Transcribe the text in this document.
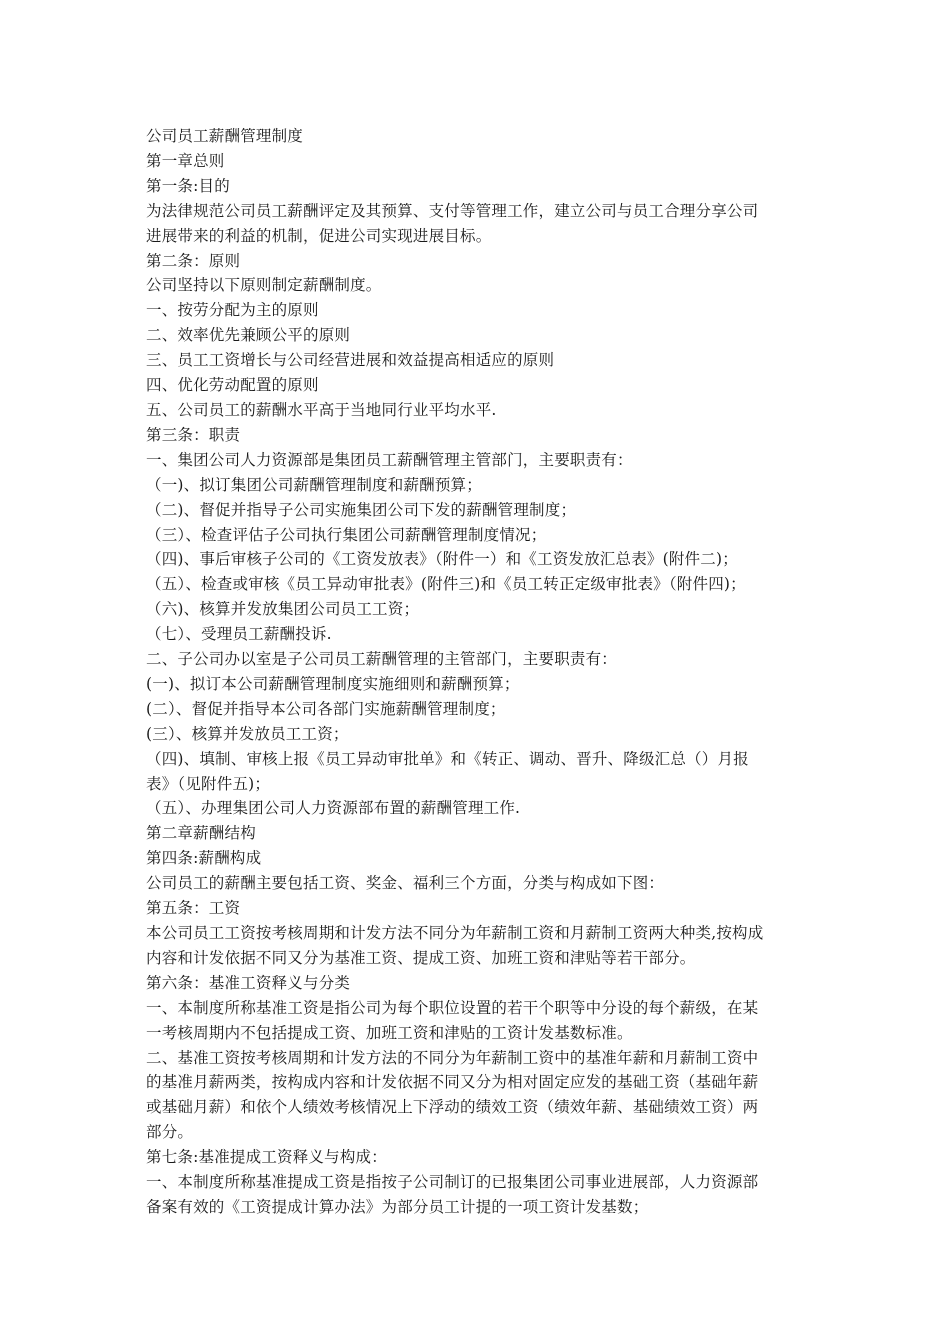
公司员工薪酬管理制度
第一章总则
第一条:目的
为法律规范公司员工薪酬评定及其预算、支付等管理工作，建立公司与员工合理分享公司
进展带来的利益的机制，促进公司实现进展目标。
第二条：原则
公司坚持以下原则制定薪酬制度。
一、按劳分配为主的原则
二、效率优先兼顾公平的原则
三、员工工资增长与公司经营进展和效益提高相适应的原则
四、优化劳动配置的原则
五、公司员工的薪酬水平高于当地同行业平均水平.
第三条：职责
一、集团公司人力资源部是集团员工薪酬管理主管部门，主要职责有：
（一)、拟订集团公司薪酬管理制度和薪酬预算；
（二)、督促并指导子公司实施集团公司下发的薪酬管理制度；
（三）、检查评估子公司执行集团公司薪酬管理制度情况；
（四)、事后审核子公司的《工资发放表》（附件一）和《工资发放汇总表》(附件二)；
（五）、检查或审核《员工异动审批表》(附件三)和《员工转正定级审批表》（附件四)；
（六)、核算并发放集团公司员工工资；
（七）、受理员工薪酬投诉.
二、子公司办以室是子公司员工薪酬管理的主管部门，主要职责有：
(一)、拟订本公司薪酬管理制度实施细则和薪酬预算；
(二）、督促并指导本公司各部门实施薪酬管理制度；
(三）、核算并发放员工工资；
（四)、填制、审核上报《员工异动审批单》和《转正、调动、晋升、降级汇总（）月报
表》（见附件五)；
（五）、办理集团公司人力资源部布置的薪酬管理工作.
第二章薪酬结构
第四条:薪酬构成
公司员工的薪酬主要包括工资、奖金、福利三个方面，分类与构成如下图：
第五条：工资
本公司员工工资按考核周期和计发方法不同分为年薪制工资和月薪制工资两大种类,按构成
内容和计发依据不同又分为基准工资、提成工资、加班工资和津贴等若干部分。
第六条：基准工资释义与分类
一、本制度所称基准工资是指公司为每个职位设置的若干个职等中分设的每个薪级，在某
一考核周期内不包括提成工资、加班工资和津贴的工资计发基数标准。
二、基准工资按考核周期和计发方法的不同分为年薪制工资中的基准年薪和月薪制工资中
的基准月薪两类，按构成内容和计发依据不同又分为相对固定应发的基础工资（基础年薪
或基础月薪）和依个人绩效考核情况上下浮动的绩效工资（绩效年薪、基础绩效工资）两
部分。
第七条:基准提成工资释义与构成：
一、本制度所称基准提成工资是指按子公司制订的已报集团公司事业进展部，人力资源部
备案有效的《工资提成计算办法》为部分员工计提的一项工资计发基数；
